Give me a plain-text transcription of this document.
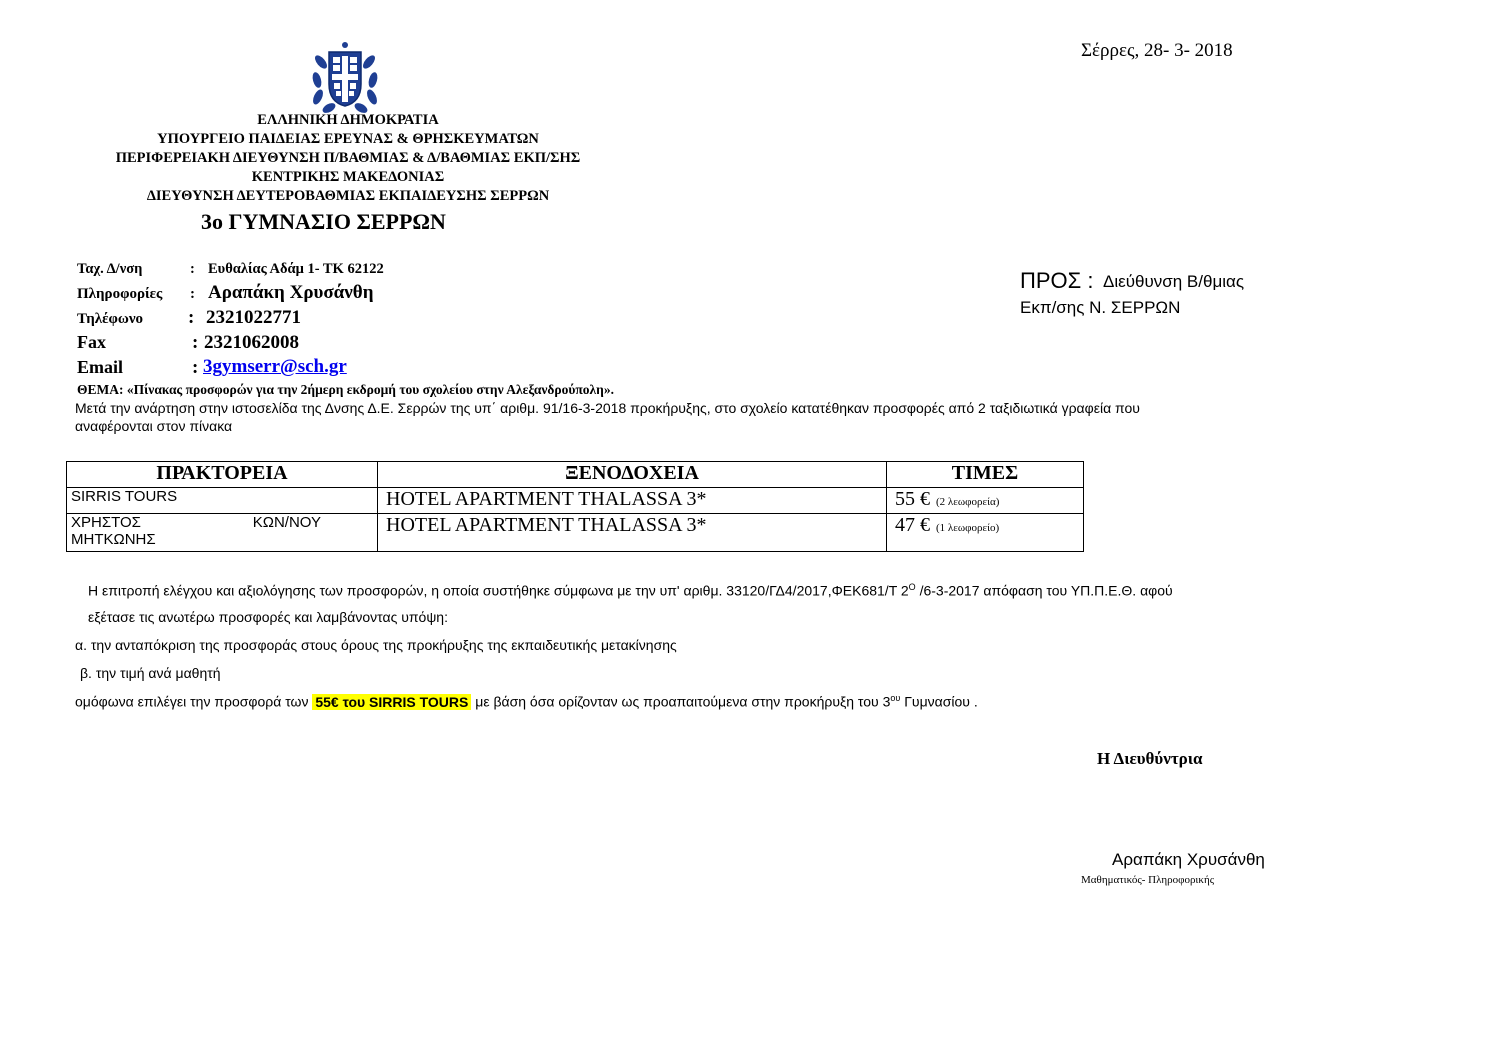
Σέρρες, 28- 3- 2018
ΕΛΛΗΝΙΚΗ ΔΗΜΟΚΡΑΤΙΑ
ΥΠΟΥΡΓΕΙΟ ΠΑΙΔΕΙΑΣ ΕΡΕΥΝΑΣ & ΘΡΗΣΚΕΥΜΑΤΩΝ
ΠΕΡΙΦΕΡΕΙΑΚΗ ΔΙΕΥΘΥΝΣΗ Π/ΒΑΘΜΙΑΣ & Δ/ΒΑΘΜΙΑΣ ΕΚΠ/ΣΗΣ
ΚΕΝΤΡΙΚΗΣ ΜΑΚΕΔΟΝΙΑΣ
ΔΙΕΥΘΥΝΣΗ ΔΕΥΤΕΡΟΒΑΘΜΙΑΣ ΕΚΠΑΙΔΕΥΣΗΣ ΣΕΡΡΩΝ
3ο ΓΥΜΝΑΣΙΟ ΣΕΡΡΩΝ
Ταχ. Δ/νση	: Ευθαλίας Αδάμ 1- ΤΚ 62122
Πληροφορίες : Αραπάκη Χρυσάνθη
Τηλέφωνο : 2321022771
Fax	: 2321062008
Email	: 3gymserr@sch.gr
ΠΡΟΣ : Διεύθυνση Β/θμιας
Εκπ/σης Ν. ΣΕΡΡΩΝ
ΘΕΜΑ: «Πίνακας προσφορών για την 2ήμερη εκδρομή του σχολείου στην Αλεξανδρούπολη».
Μετά την ανάρτηση στην ιστοσελίδα της Δνσης Δ.Ε. Σερρών της υπ΄ αριθμ. 91/16-3-2018 προκήρυξης, στο σχολείο κατατέθηκαν προσφορές από 2 ταξιδιωτικά γραφεία που
αναφέρονται στον πίνακα
ΠΡΑΚΤΟΡΕΙΑ	ΞΕΝΟΔΟΧΕΙΑ	ΤΙΜΕΣ
SIRRIS TOURS	HOTEL APARTMENT THALASSA 3*	55 € (2 λεωφορεία)

ΧΡΗΣΤΟΣ ΚΩΝ/ΝΟΥ
ΜΗΤΚΩΝΗΣ	HOTEL APARTMENT THALASSA 3*	47 € (1 λεωφορείο)
Η επιτροπή ελέγχου και αξιολόγησης των προσφορών, η οποία συστήθηκε σύμφωνα με την υπ' αριθμ. 33120/ΓΔ4/2017,ΦΕΚ681/Τ $2^O$ /6-3-2017 απόφαση του ΥΠ.Π.Ε.Θ. αφού
εξέτασε τις ανωτέρω προσφορές και λαμβάνοντας υπόψη:
α. την ανταπόκριση της προσφοράς στους όρους της προκήρυξης της εκπαιδευτικής μετακίνησης
β. την τιμή ανά μαθητή
ομόφωνα επιλέγει την προσφορά των 55€ του SIRRIS TOURS με βάση όσα ορίζονταν ως προαπαιτούμενα στην προκήρυξη του $3^{o\upsilon}$ Γυμνασίου .
Η Διευθύντρια
Αραπάκη Χρυσάνθη
Μαθηματικός- Πληροφορικής
